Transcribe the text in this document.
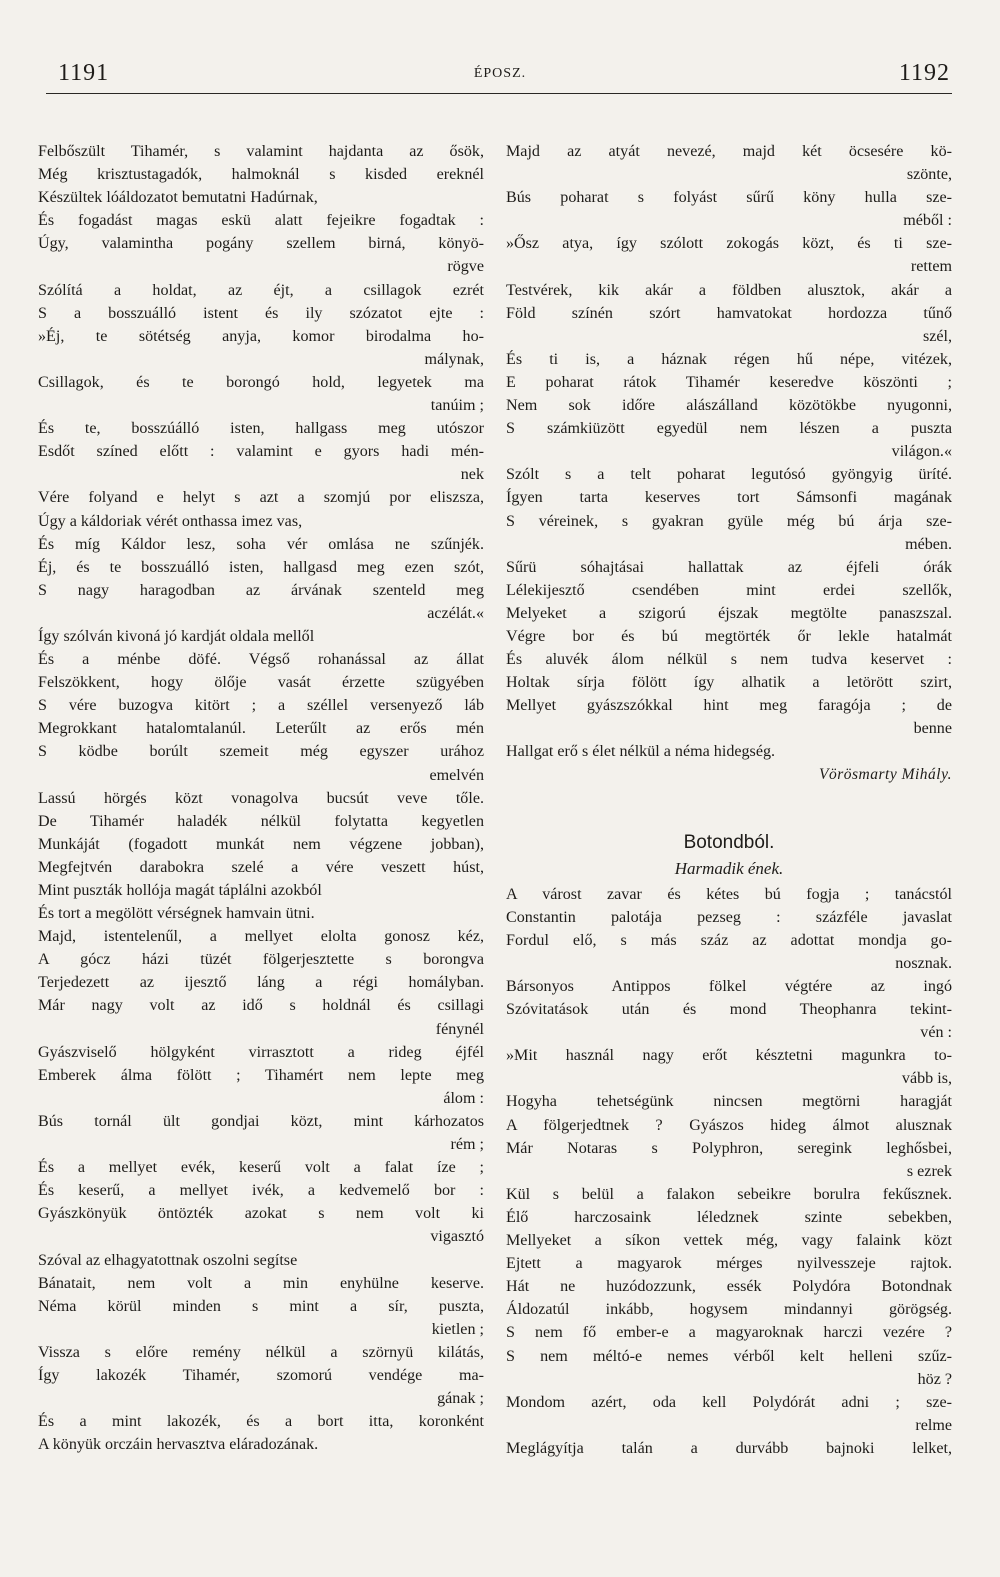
1191	ÉPOSZ.	1192
Felbőszült Tihamér, s valamint hajdanta az ősök,
Még krisztustagadók, halmoknál s kisded ereknél
Készültek lóáldozatot bemutatni Hadúrnak,
És fogadást magas eskü alatt fejeikre fogadtak :
Úgy, valamintha pogány szellem birná, könyö-
rögve
Szólítá a holdat, az éjt, a csillagok ezrét
S a bosszuálló istent és ily szózatot ejte :
»Éj, te sötétség anyja, komor birodalma ho-
málynak,
Csillagok, és te borongó hold, legyetek ma
tanúim ;
És te, bosszúálló isten, hallgass meg utószor
Esdőt színed előtt : valamint e gyors hadi mén-
nek
Vére folyand e helyt s azt a szomjú por eliszsza,
Úgy a káldoriak vérét onthassa imez vas,
És míg Káldor lesz, soha vér omlása ne szűnjék.
Éj, és te bosszuálló isten, hallgasd meg ezen szót,
S nagy haragodban az árvának szenteld meg
aczélát.«
Így szólván kivoná jó kardját oldala mellől
És a ménbe döfé. Végső rohanással az állat
Felszökkent, hogy ölője vasát érzette szügyében
S vére buzogva kitört ; a széllel versenyező láb
Megrokkant hatalomtalanúl. Leterűlt az erős mén
S ködbe borúlt szemeit még egyszer urához
emelvén
Lassú hörgés közt vonagolva bucsút veve tőle.
De Tihamér haladék nélkül folytatta kegyetlen
Munkáját (fogadott munkát nem végzene jobban),
Megfejtvén darabokra szelé a vére veszett húst,
Mint puszták hollója magát táplálni azokból
És tort a megölött vérségnek hamvain ütni.
Majd, istentelenűl, a mellyet elolta gonosz kéz,
A gócz házi tüzét fölgerjesztette s borongva
Terjedezett az ijesztő láng a régi homályban.
Már nagy volt az idő s holdnál és csillagi
fénynél
Gyászviselő hölgyként virrasztott a rideg éjfél
Emberek álma fölött ; Tihamért nem lepte meg
álom :
Bús tornál ült gondjai közt, mint kárhozatos
rém ;
És a mellyet evék, keserű volt a falat íze ;
És keserű, a mellyet ivék, a kedvemelő bor :
Gyászkönyük öntözték azokat s nem volt ki
vigasztó
Szóval az elhagyatottnak oszolni segítse
Bánatait, nem volt a min enyhülne keserve.
Néma körül minden s mint a sír, puszta,
kietlen ;
Vissza s előre remény nélkül a szörnyü kilátás,
Így lakozék Tihamér, szomorú vendége ma-
gának ;
És a mint lakozék, és a bort itta, koronként
A könyük orczáin hervasztva eláradozának.
Majd az atyát nevezé, majd két öcsesére kö-
szönte,
Bús poharat s folyást sűrű köny hulla sze-
méből :
»Ősz atya, így szólott zokogás közt, és ti sze-
rettem
Testvérek, kik akár a földben alusztok, akár a
Föld színén szórt hamvatokat hordozza tűnő
szél,
És ti is, a háznak régen hű népe, vitézek,
E poharat rátok Tihamér keseredve köszönti ;
Nem sok időre alászálland közötökbe nyugonni,
S számkiüzött egyedül nem lészen a puszta
világon.«
Szólt s a telt poharat legutósó gyöngyig üríté.
Ígyen tarta keserves tort Sámsonfi magának
S véreinek, s gyakran gyüle még bú árja sze-
mében.
Sűrü sóhajtásai hallattak az éjfeli órák
Lélekijesztő csendében mint erdei szellők,
Melyeket a szigorú éjszak megtölte panaszszal.
Végre bor és bú megtörték őr lekle hatalmát
És aluvék álom nélkül s nem tudva keservet :
Holtak sírja fölött így alhatik a letörött szirt,
Mellyet gyászszókkal hint meg faragója ; de
benne
Hallgat erő s élet nélkül a néma hidegség.
Vörösmarty Mihály.
Botondból.
Harmadik ének.
A várost zavar és kétes bú fogja ; tanácstól
Constantin palotája pezseg : százféle javaslat
Fordul elő, s más száz az adottat mondja go-
nosznak.
Bársonyos Antippos fölkel végtére az ingó
Szóvitatások után és mond Theophanra tekint-
vén :
»Mit használ nagy erőt késztetni magunkra to-
vább is,
Hogyha tehetségünk nincsen megtörni haragját
A fölgerjedtnek ? Gyászos hideg álmot alusznak
Már Notaras s Polyphron, seregink leghősbei,
s ezrek
Kül s belül a falakon sebeikre borulra fekűsznek.
Élő harczosaink léledznek szinte sebekben,
Mellyeket a síkon vettek még, vagy falaink közt
Ejtett a magyarok mérges nyilvesszeje rajtok.
Hát ne huzódozzunk, essék Polydóra Botondnak
Áldozatúl inkább, hogysem mindannyi görögség.
S nem fő ember-e a magyaroknak harczi vezére ?
S nem méltó-e nemes vérből kelt helleni szűz-
höz ?
Mondom azért, oda kell Polydórát adni ; sze-
relme
Meglágyítja talán a durvább bajnoki lelket,
